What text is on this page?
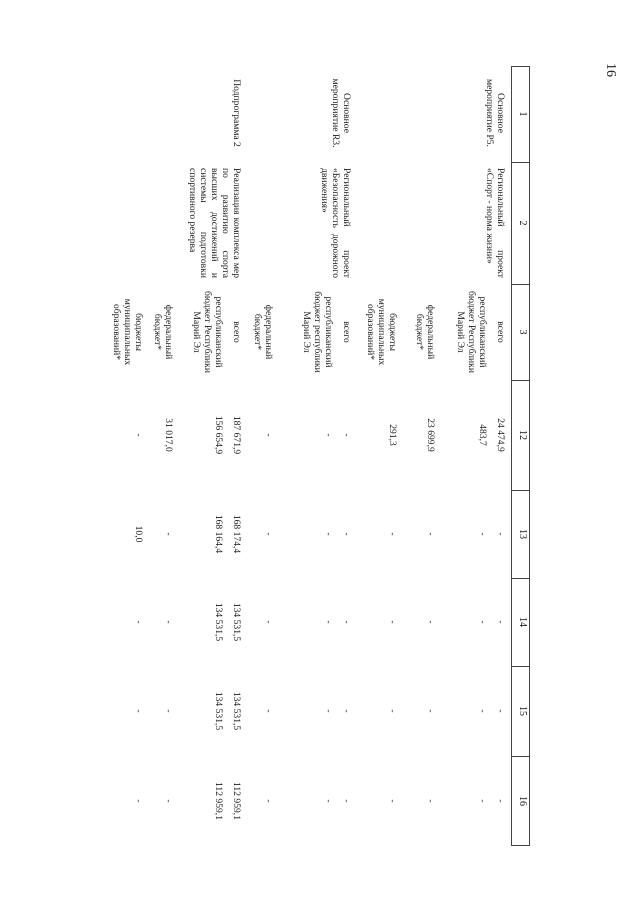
16
1
2
3
12
13
14
15
16
Основное мероприятие Р5.
Региональный проект «Спорт - норма жизни»
всего
24 474,9
-
-
-
-
республиканский бюджет Республики Марий Эл
483,7
-
-
-
-
федеральный бюджет*
23 699,9
-
-
-
-
бюджеты муниципальных образований*
291,3
-
-
-
-
Основное мероприятие R3.
Региональный проект «Безопасность дорожного движения»
всего
-
-
-
-
-
республиканский бюджет республики Марий Эл
-
-
-
-
-
федеральный бюджет*
-
-
-
-
-
Подпрограмма 2
Реализация комплекса мер по развитию спорта высших достижений и системы подготовки спортивного резерва
всего
187 671,9
168 174,4
134 531,5
134 531,5
112 959,1
республиканский бюджет Республики Марий Эл
156 654,9
168 164,4
134 531,5
134 531,5
112 959,1
федеральный бюджет*
31 017,0
-
-
-
-
бюджеты муниципальных образований*
-
10,0
-
-
-
